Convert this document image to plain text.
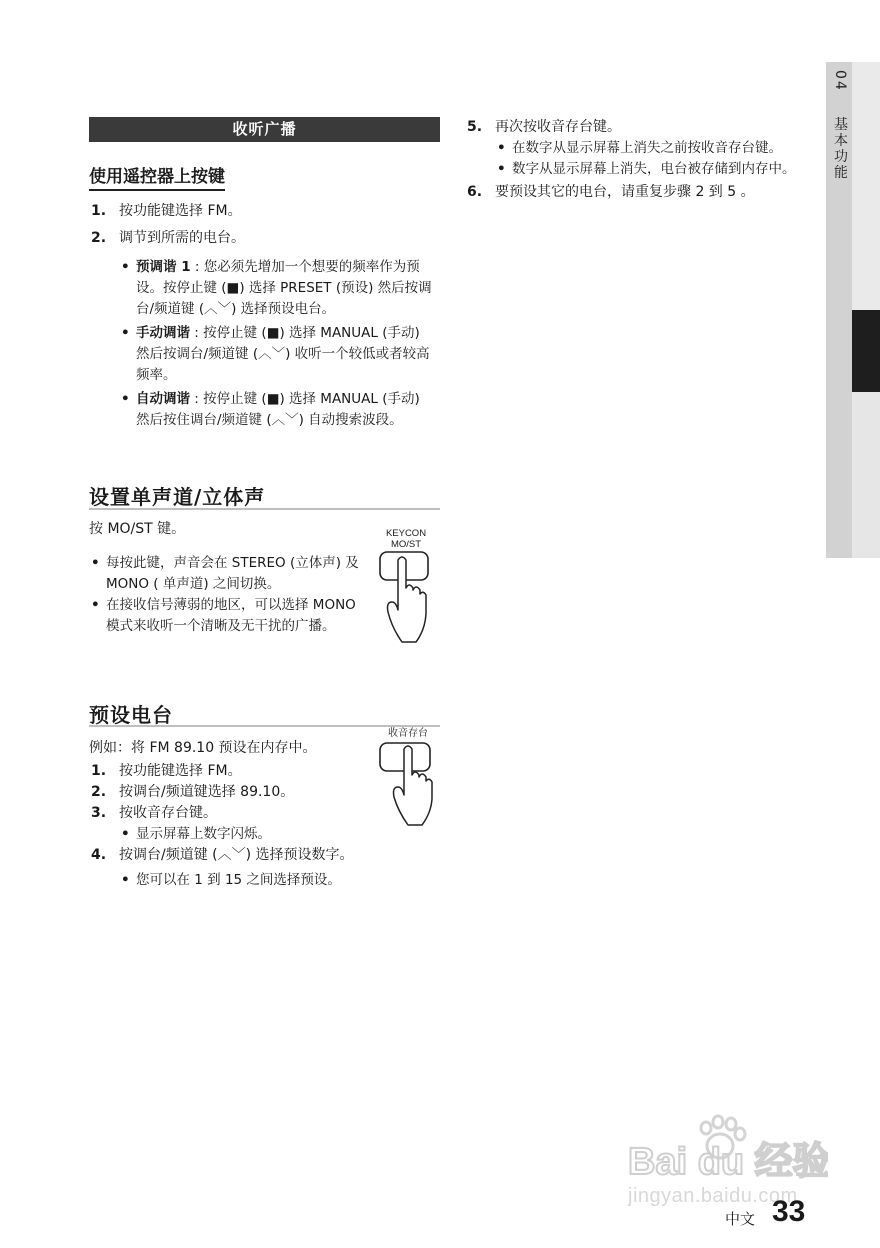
04  基本功能
收听广播
使用遥控器上按键
1. 按功能键选择 FM。
2. 调节到所需的电台。
• 预调谐 1 : 您必须先增加一个想要的频率作为预设。按停止键 (■) 选择 PRESET (预设) 然后按调台/频道键 (︿﹀) 选择预设电台。
• 手动调谐 : 按停止键 (■) 选择 MANUAL (手动) 然后按调台/频道键 (︿﹀) 收听一个较低或者较高频率。
• 自动调谐 : 按停止键 (■) 选择 MANUAL (手动) 然后按住调台/频道键 (︿﹀) 自动搜索波段。
5. 再次按收音存台键。
• 在数字从显示屏幕上消失之前按收音存台键。
• 数字从显示屏幕上消失，电台被存储到内存中。
6. 要预设其它的电台，请重复步骤 2 到 5 。
设置单声道/立体声
按 MO/ST 键。
• 每按此键，声音会在 STEREO (立体声) 及 MONO ( 单声道) 之间切换。
• 在接收信号薄弱的地区，可以选择 MONO 模式来收听一个清晰及无干扰的广播。
KEYCON
MO/ST
预设电台
例如：将 FM 89.10 预设在内存中。
1. 按功能键选择 FM。
2. 按调台/频道键选择 89.10。
3. 按收音存台键。
• 显示屏幕上数字闪烁。
4. 按调台/频道键 (︿﹀) 选择预设数字。
• 您可以在 1 到 15 之间选择预设。
收音存台
Bai du 经验
jingyan.baidu.com
中文 33
